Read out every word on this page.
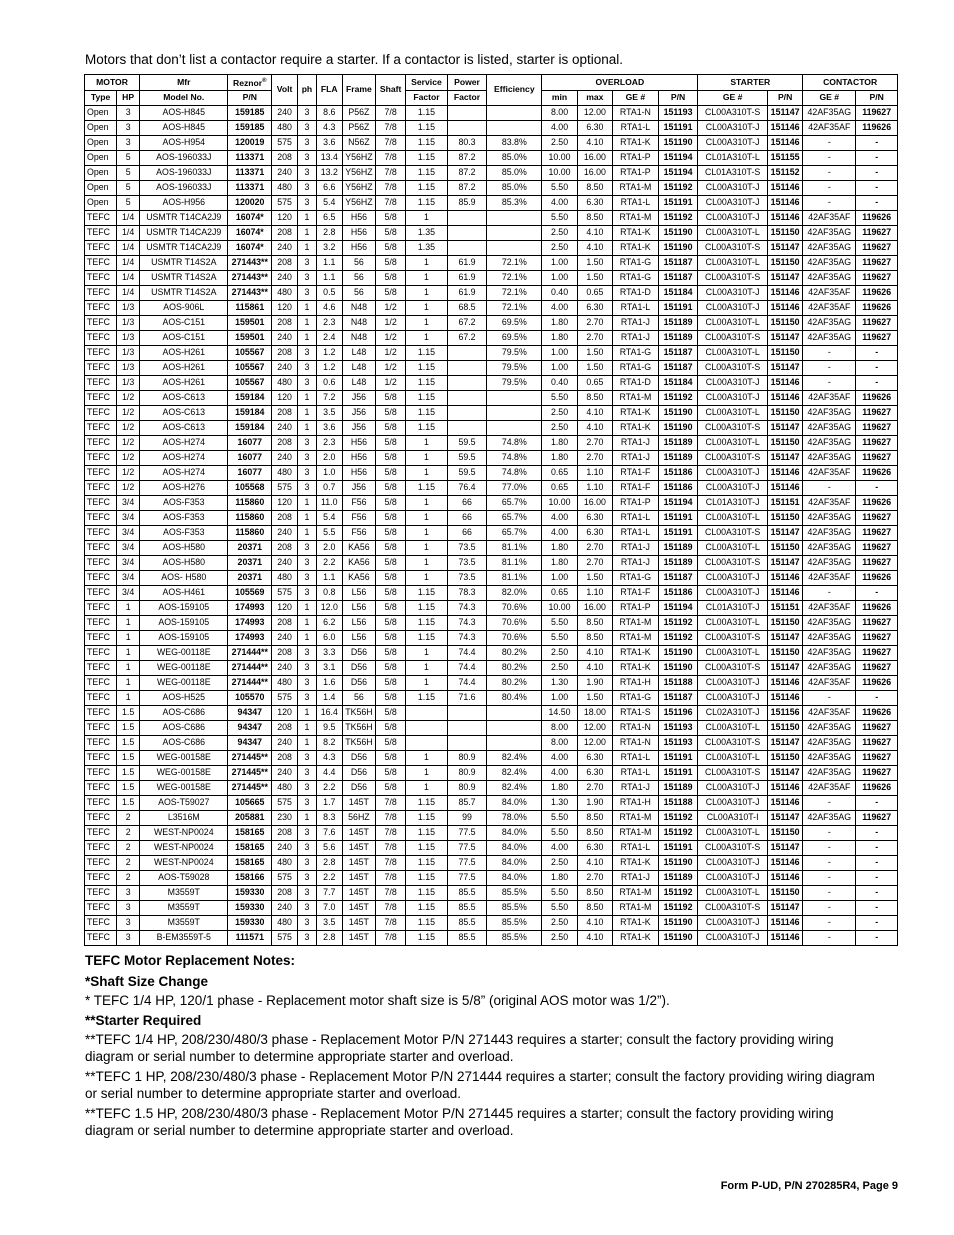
Motors that don’t list a contactor require a starter. If a contactor is listed, starter is optional.
MOTOR		Mfr	Reznor®	Volt	ph	FLA	Frame	Shaft	Service	Power	Efficiency	OVERLOAD				STARTER		CONTACTOR	
Type	HP	Model No.	P/N						Factor	Factor		min	max	GE #	P/N	GE #	P/N	GE #	P/N
Open	3	AOS-H845	159185	240	3	8.6	P56Z	7/8	1.15			8.00	12.00	RTA1-N	151193	CL00A310T-S	151147	42AF35AG	119627
Open	3	AOS-H845	159185	480	3	4.3	P56Z	7/8	1.15			4.00	6.30	RTA1-L	151191	CL00A310T-J	151146	42AF35AF	119626
Open	3	AOS-H954	120019	575	3	3.6	N56Z	7/8	1.15	80.3	83.8%	2.50	4.10	RTA1-K	151190	CL00A310T-J	151146	-	-
Open	5	AOS-196033J	113371	208	3	13.4	Y56HZ	7/8	1.15	87.2	85.0%	10.00	16.00	RTA1-P	151194	CL01A310T-L	151155	-	-
Open	5	AOS-196033J	113371	240	3	13.2	Y56HZ	7/8	1.15	87.2	85.0%	10.00	16.00	RTA1-P	151194	CL01A310T-S	151152	-	-
Open	5	AOS-196033J	113371	480	3	6.6	Y56HZ	7/8	1.15	87.2	85.0%	5.50	8.50	RTA1-M	151192	CL00A310T-J	151146	-	-
Open	5	AOS-H956	120020	575	3	5.4	Y56HZ	7/8	1.15	85.9	85.3%	4.00	6.30	RTA1-L	151191	CL00A310T-J	151146	-	-
TEFC	1/4	USMTR T14CA2J9	16074*	120	1	6.5	H56	5/8	1			5.50	8.50	RTA1-M	151192	CL00A310T-J	151146	42AF35AF	119626
TEFC	1/4	USMTR T14CA2J9	16074*	208	1	2.8	H56	5/8	1.35			2.50	4.10	RTA1-K	151190	CL00A310T-L	151150	42AF35AG	119627
TEFC	1/4	USMTR T14CA2J9	16074*	240	1	3.2	H56	5/8	1.35			2.50	4.10	RTA1-K	151190	CL00A310T-S	151147	42AF35AG	119627
TEFC	1/4	USMTR T14S2A	271443**	208	3	1.1	56	5/8	1	61.9	72.1%	1.00	1.50	RTA1-G	151187	CL00A310T-L	151150	42AF35AG	119627
TEFC	1/4	USMTR T14S2A	271443**	240	3	1.1	56	5/8	1	61.9	72.1%	1.00	1.50	RTA1-G	151187	CL00A310T-S	151147	42AF35AG	119627
TEFC	1/4	USMTR T14S2A	271443**	480	3	0.5	56	5/8	1	61.9	72.1%	0.40	0.65	RTA1-D	151184	CL00A310T-J	151146	42AF35AF	119626
TEFC	1/3	AOS-906L	115861	120	1	4.6	N48	1/2	1	68.5	72.1%	4.00	6.30	RTA1-L	151191	CL00A310T-J	151146	42AF35AF	119626
TEFC	1/3	AOS-C151	159501	208	1	2.3	N48	1/2	1	67.2	69.5%	1.80	2.70	RTA1-J	151189	CL00A310T-L	151150	42AF35AG	119627
TEFC	1/3	AOS-C151	159501	240	1	2.4	N48	1/2	1	67.2	69.5%	1.80	2.70	RTA1-J	151189	CL00A310T-S	151147	42AF35AG	119627
TEFC	1/3	AOS-H261	105567	208	3	1.2	L48	1/2	1.15		79.5%	1.00	1.50	RTA1-G	151187	CL00A310T-L	151150	-	-
TEFC	1/3	AOS-H261	105567	240	3	1.2	L48	1/2	1.15		79.5%	1.00	1.50	RTA1-G	151187	CL00A310T-S	151147	-	-
TEFC	1/3	AOS-H261	105567	480	3	0.6	L48	1/2	1.15		79.5%	0.40	0.65	RTA1-D	151184	CL00A310T-J	151146	-	-
TEFC	1/2	AOS-C613	159184	120	1	7.2	J56	5/8	1.15			5.50	8.50	RTA1-M	151192	CL00A310T-J	151146	42AF35AF	119626
TEFC	1/2	AOS-C613	159184	208	1	3.5	J56	5/8	1.15			2.50	4.10	RTA1-K	151190	CL00A310T-L	151150	42AF35AG	119627
TEFC	1/2	AOS-C613	159184	240	1	3.6	J56	5/8	1.15			2.50	4.10	RTA1-K	151190	CL00A310T-S	151147	42AF35AG	119627
TEFC	1/2	AOS-H274	16077	208	3	2.3	H56	5/8	1	59.5	74.8%	1.80	2.70	RTA1-J	151189	CL00A310T-L	151150	42AF35AG	119627
TEFC	1/2	AOS-H274	16077	240	3	2.0	H56	5/8	1	59.5	74.8%	1.80	2.70	RTA1-J	151189	CL00A310T-S	151147	42AF35AG	119627
TEFC	1/2	AOS-H274	16077	480	3	1.0	H56	5/8	1	59.5	74.8%	0.65	1.10	RTA1-F	151186	CL00A310T-J	151146	42AF35AF	119626
TEFC	1/2	AOS-H276	105568	575	3	0.7	J56	5/8	1.15	76.4	77.0%	0.65	1.10	RTA1-F	151186	CL00A310T-J	151146	-	-
TEFC	3/4	AOS-F353	115860	120	1	11.0	F56	5/8	1	66	65.7%	10.00	16.00	RTA1-P	151194	CL01A310T-J	151151	42AF35AF	119626
TEFC	3/4	AOS-F353	115860	208	1	5.4	F56	5/8	1	66	65.7%	4.00	6.30	RTA1-L	151191	CL00A310T-L	151150	42AF35AG	119627
TEFC	3/4	AOS-F353	115860	240	1	5.5	F56	5/8	1	66	65.7%	4.00	6.30	RTA1-L	151191	CL00A310T-S	151147	42AF35AG	119627
TEFC	3/4	AOS-H580	20371	208	3	2.0	KA56	5/8	1	73.5	81.1%	1.80	2.70	RTA1-J	151189	CL00A310T-L	151150	42AF35AG	119627
TEFC	3/4	AOS-H580	20371	240	3	2.2	KA56	5/8	1	73.5	81.1%	1.80	2.70	RTA1-J	151189	CL00A310T-S	151147	42AF35AG	119627
TEFC	3/4	AOS- H580	20371	480	3	1.1	KA56	5/8	1	73.5	81.1%	1.00	1.50	RTA1-G	151187	CL00A310T-J	151146	42AF35AF	119626
TEFC	3/4	AOS-H461	105569	575	3	0.8	L56	5/8	1.15	78.3	82.0%	0.65	1.10	RTA1-F	151186	CL00A310T-J	151146	-	-
TEFC	1	AOS-159105	174993	120	1	12.0	L56	5/8	1.15	74.3	70.6%	10.00	16.00	RTA1-P	151194	CL01A310T-J	151151	42AF35AF	119626
TEFC	1	AOS-159105	174993	208	1	6.2	L56	5/8	1.15	74.3	70.6%	5.50	8.50	RTA1-M	151192	CL00A310T-L	151150	42AF35AG	119627
TEFC	1	AOS-159105	174993	240	1	6.0	L56	5/8	1.15	74.3	70.6%	5.50	8.50	RTA1-M	151192	CL00A310T-S	151147	42AF35AG	119627
TEFC	1	WEG-00118E	271444**	208	3	3.3	D56	5/8	1	74.4	80.2%	2.50	4.10	RTA1-K	151190	CL00A310T-L	151150	42AF35AG	119627
TEFC	1	WEG-00118E	271444**	240	3	3.1	D56	5/8	1	74.4	80.2%	2.50	4.10	RTA1-K	151190	CL00A310T-S	151147	42AF35AG	119627
TEFC	1	WEG-00118E	271444**	480	3	1.6	D56	5/8	1	74.4	80.2%	1.30	1.90	RTA1-H	151188	CL00A310T-J	151146	42AF35AF	119626
TEFC	1	AOS-H525	105570	575	3	1.4	56	5/8	1.15	71.6	80.4%	1.00	1.50	RTA1-G	151187	CL00A310T-J	151146	-	-
TEFC	1.5	AOS-C686	94347	120	1	16.4	TK56H	5/8				14.50	18.00	RTA1-S	151196	CL02A310T-J	151156	42AF35AF	119626
TEFC	1.5	AOS-C686	94347	208	1	9.5	TK56H	5/8				8.00	12.00	RTA1-N	151193	CL00A310T-L	151150	42AF35AG	119627
TEFC	1.5	AOS-C686	94347	240	1	8.2	TK56H	5/8				8.00	12.00	RTA1-N	151193	CL00A310T-S	151147	42AF35AG	119627
TEFC	1.5	WEG-00158E	271445**	208	3	4.3	D56	5/8	1	80.9	82.4%	4.00	6.30	RTA1-L	151191	CL00A310T-L	151150	42AF35AG	119627
TEFC	1.5	WEG-00158E	271445**	240	3	4.4	D56	5/8	1	80.9	82.4%	4.00	6.30	RTA1-L	151191	CL00A310T-S	151147	42AF35AG	119627
TEFC	1.5	WEG-00158E	271445**	480	3	2.2	D56	5/8	1	80.9	82.4%	1.80	2.70	RTA1-J	151189	CL00A310T-J	151146	42AF35AF	119626
TEFC	1.5	AOS-T59027	105665	575	3	1.7	145T	7/8	1.15	85.7	84.0%	1.30	1.90	RTA1-H	151188	CL00A310T-J	151146	-	-
TEFC	2	L3516M	205881	230	1	8.3	56HZ	7/8	1.15	99	78.0%	5.50	8.50	RTA1-M	151192	CL00A310T-I	151147	42AF35AG	119627
TEFC	2	WEST-NP0024	158165	208	3	7.6	145T	7/8	1.15	77.5	84.0%	5.50	8.50	RTA1-M	151192	CL00A310T-L	151150	-	-
TEFC	2	WEST-NP0024	158165	240	3	5.6	145T	7/8	1.15	77.5	84.0%	4.00	6.30	RTA1-L	151191	CL00A310T-S	151147	-	-
TEFC	2	WEST-NP0024	158165	480	3	2.8	145T	7/8	1.15	77.5	84.0%	2.50	4.10	RTA1-K	151190	CL00A310T-J	151146	-	-
TEFC	2	AOS-T59028	158166	575	3	2.2	145T	7/8	1.15	77.5	84.0%	1.80	2.70	RTA1-J	151189	CL00A310T-J	151146	-	-
TEFC	3	M3559T	159330	208	3	7.7	145T	7/8	1.15	85.5	85.5%	5.50	8.50	RTA1-M	151192	CL00A310T-L	151150	-	-
TEFC	3	M3559T	159330	240	3	7.0	145T	7/8	1.15	85.5	85.5%	5.50	8.50	RTA1-M	151192	CL00A310T-S	151147	-	-
TEFC	3	M3559T	159330	480	3	3.5	145T	7/8	1.15	85.5	85.5%	2.50	4.10	RTA1-K	151190	CL00A310T-J	151146	-	-
TEFC	3	B-EM3559T-5	111571	575	3	2.8	145T	7/8	1.15	85.5	85.5%	2.50	4.10	RTA1-K	151190	CL00A310T-J	151146	-	-
TEFC Motor Replacement Notes:
*Shaft Size Change

* TEFC 1/4 HP, 120/1 phase - Replacement motor shaft size is 5/8” (original AOS motor was 1/2”).

**Starter Required

**TEFC 1/4 HP, 208/230/480/3 phase - Replacement Motor P/N 271443 requires a starter; consult the factory providing wiring diagram or serial number to determine appropriate starter and overload.

**TEFC 1 HP, 208/230/480/3 phase - Replacement Motor P/N 271444 requires a starter; consult the factory providing wiring diagram or serial number to determine appropriate starter and overload.

**TEFC 1.5 HP, 208/230/480/3 phase - Replacement Motor P/N 271445 requires a starter; consult the factory providing wiring diagram or serial number to determine appropriate starter and overload.

Form P-UD, P/N 270285R4, Page 9
